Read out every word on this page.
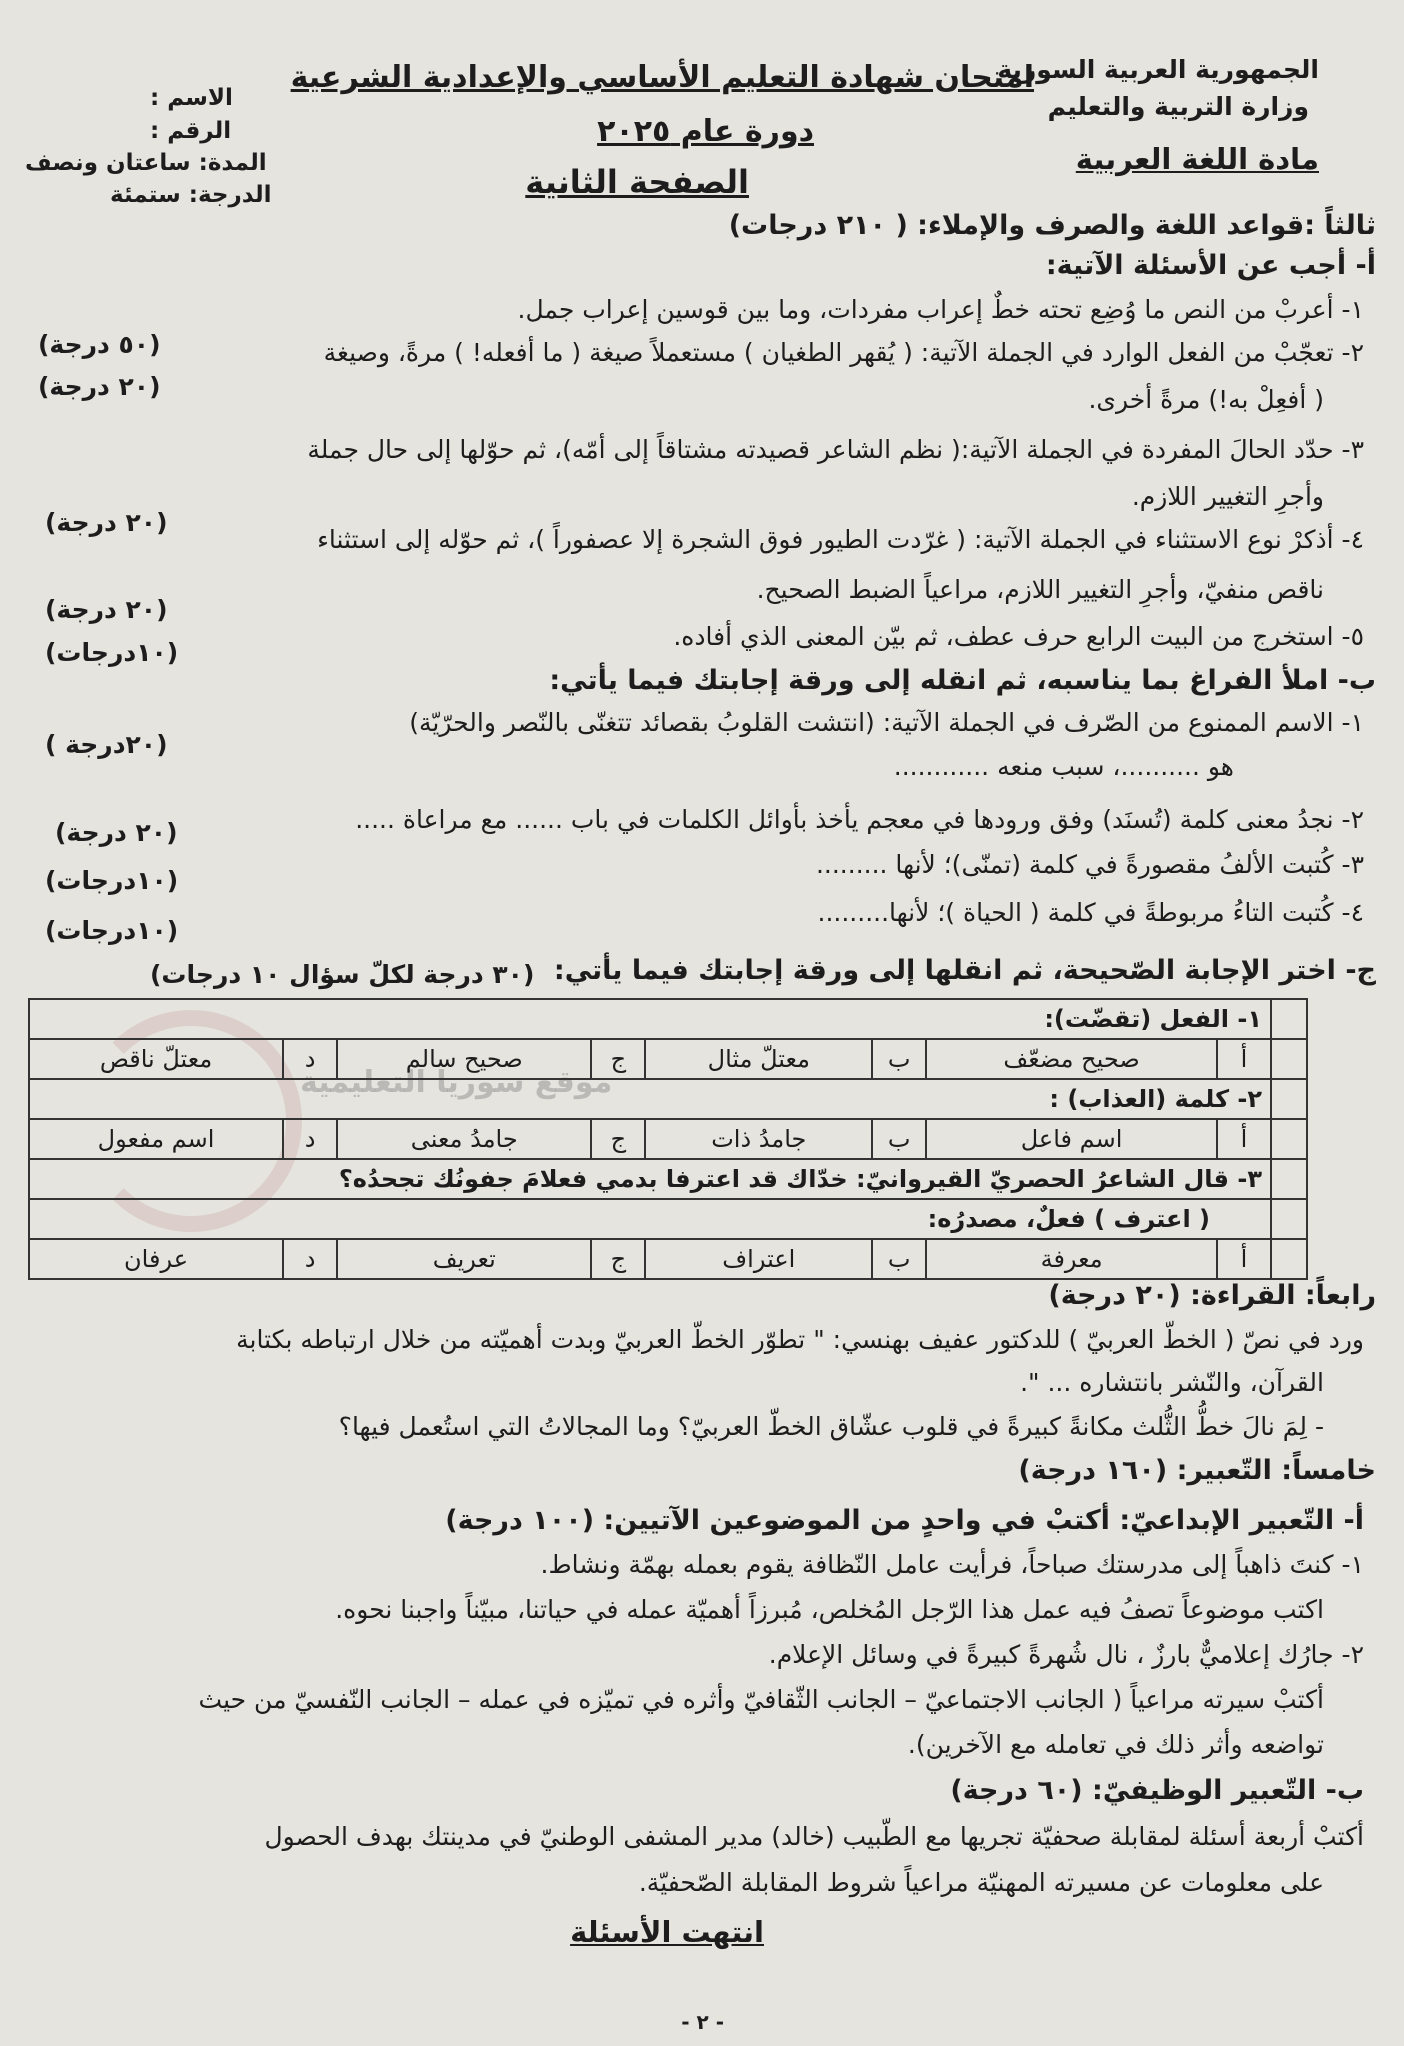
الجمهورية العربية السورية
وزارة التربية والتعليم
مادة اللغة العربية
امتحان شهادة التعليم الأساسي والإعدادية الشرعية
دورة عام ٢٠٢٥
الصفحة الثانية
الاسم :
الرقم :
المدة: ساعتان ونصف
الدرجة: ستمئة
ثالثاً :قواعد اللغة والصرف والإملاء: ( ٢١٠ درجات)
أ- أجب عن الأسئلة الآتية:
١- أعربْ من النص ما وُضِع تحته خطٌ إعراب مفردات، وما بين قوسين إعراب جمل.
(٥٠ درجة)	٢- تعجّبْ من الفعل الوارد في الجملة الآتية: ( يُقهر الطغيان ) مستعملاً صيغة ( ما أفعله! ) مرةً، وصيغة
(٢٠ درجة)	( أفعِلْ به!) مرةً أخرى.
٣- حدّد الحالَ المفردة في الجملة الآتية:( نظم الشاعر قصيدته مشتاقاً إلى أمّه)، ثم حوّلها إلى حال جملة
وأجرِ التغيير اللازم.
(٢٠ درجة)
٤- أذكرْ نوع الاستثناء في الجملة الآتية: ( غرّدت الطيور فوق الشجرة إلا عصفوراً )، ثم حوّله إلى استثناء
ناقص منفيّ، وأجرِ التغيير اللازم، مراعياً الضبط الصحيح.
(٢٠ درجة)
٥- استخرج من البيت الرابع حرف عطف، ثم بيّن المعنى الذي أفاده.
(١٠درجات)
ب- املأ الفراغ بما يناسبه، ثم انقله إلى ورقة إجابتك فيما يأتي:
١- الاسم الممنوع من الصّرف في الجملة الآتية: (انتشت القلوبُ بقصائد تتغنّى بالنّصر والحرّيّة)
(٢٠درجة )
هو ..........، سبب منعه ............
٢- نجدُ معنى كلمة (تُسنَد) وفق ورودها في معجم يأخذ بأوائل الكلمات في باب ...... مع مراعاة .....
(٢٠ درجة)
٣- كُتبت الألفُ مقصورةً في كلمة (تمنّى)؛ لأنها .........
(١٠درجات)
٤- كُتبت التاءُ مربوطةً في كلمة ( الحياة )؛ لأنها.........
(١٠درجات)
ج- اختر الإجابة الصّحيحة، ثم انقلها إلى ورقة إجابتك فيما يأتي:
(٣٠ درجة لكلّ سؤال ١٠ درجات)
موقع سوريا التعليمية
	١- الفعل (تقضّت):							
	أ	صحيح مضعّف	ب	معتلّ مثال	ج	صحيح سالم	د	معتلّ ناقص
	٢- كلمة (العذاب) :							
	أ	اسم فاعل	ب	جامدُ ذات	ج	جامدُ معنى	د	اسم مفعول
	٣- قال الشاعرُ الحصريّ القيروانيّ: خدّاك قد اعترفا بدمي فعلامَ جفونُك تجحدُه؟							
	( اعترف ) فعلٌ، مصدرُه:							
	أ	معرفة	ب	اعتراف	ج	تعريف	د	عرفان
رابعاً: القراءة: (٢٠ درجة)
ورد في نصّ ( الخطّ العربيّ ) للدكتور عفيف بهنسي: " تطوّر الخطّ العربيّ وبدت أهميّته من خلال ارتباطه بكتابة
القرآن، والنّشر بانتشاره ... ".
- لِمَ نالَ خطُّ الثُّلث مكانةً كبيرةً في قلوب عشّاق الخطّ العربيّ؟ وما المجالاتُ التي استُعمل فيها؟
خامساً: التّعبير: (١٦٠ درجة)
أ- التّعبير الإبداعيّ: أكتبْ في واحدٍ من الموضوعين الآتيين: (١٠٠ درجة)
١- كنتَ ذاهباً إلى مدرستك صباحاً، فرأيت عامل النّظافة يقوم بعمله بهمّة ونشاط.
اكتب موضوعاً تصفُ فيه عمل هذا الرّجل المُخلص، مُبرزاً أهميّة عمله في حياتنا، مبيّناً واجبنا نحوه.
٢- جارُك إعلاميٌّ بارزٌ ، نال شُهرةً كبيرةً في وسائل الإعلام.
أكتبْ سيرته مراعياً ( الجانب الاجتماعيّ – الجانب الثّقافيّ وأثره في تميّزه في عمله – الجانب النّفسيّ من حيث
تواضعه وأثر ذلك في تعامله مع الآخرين).
ب- التّعبير الوظيفيّ: (٦٠ درجة)
أكتبْ أربعة أسئلة لمقابلة صحفيّة تجريها مع الطّبيب (خالد) مدير المشفى الوطنيّ في مدينتك بهدف الحصول
على معلومات عن مسيرته المهنيّة مراعياً شروط المقابلة الصّحفيّة.
انتهت الأسئلة
- ٢ -
